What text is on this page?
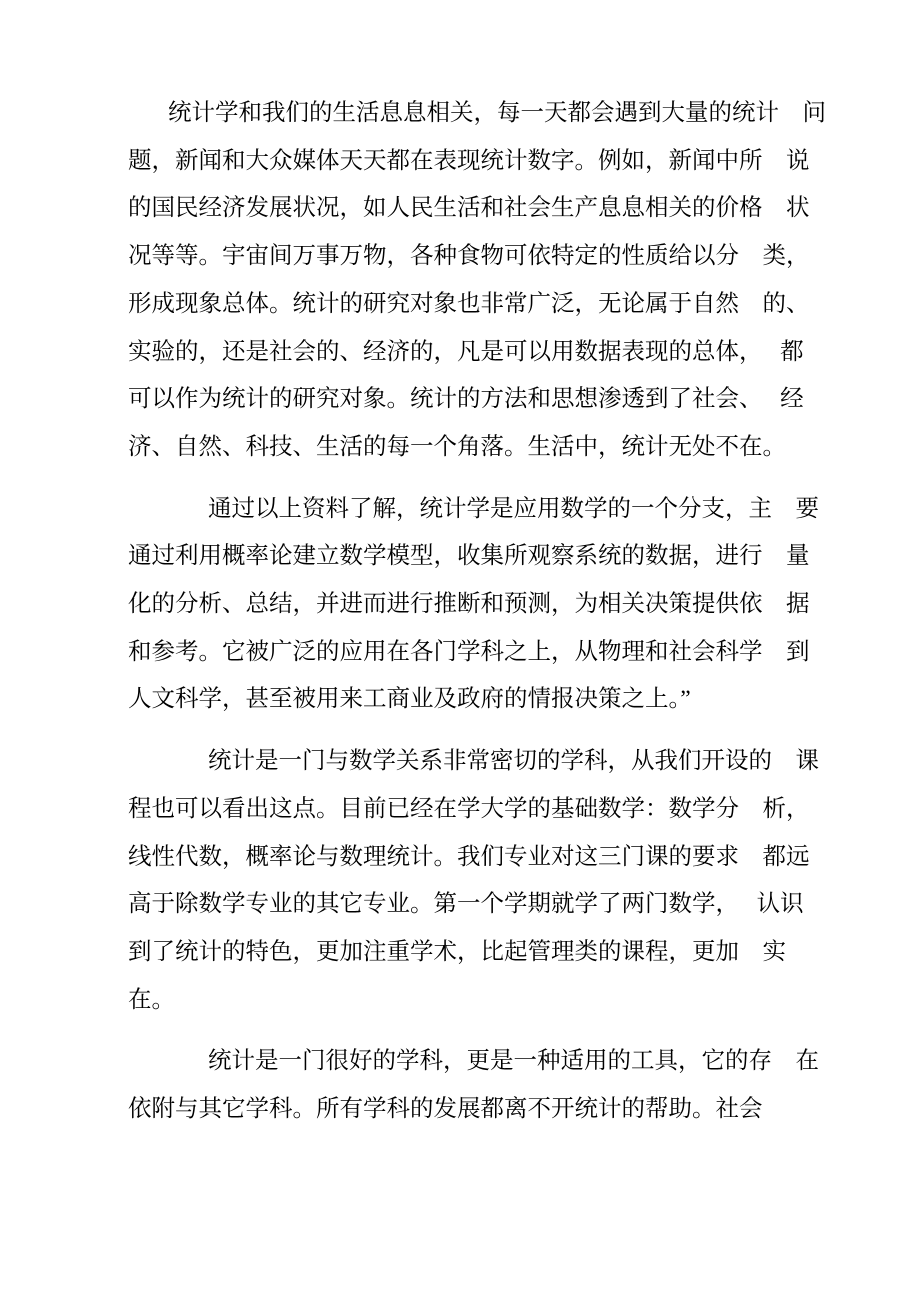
统计学和我们的生活息息相关，每一天都会遇到大量的统计　问
题，新闻和大众媒体天天都在表现统计数字。例如，新闻中所　说
的国民经济发展状况，如人民生活和社会生产息息相关的价格　状
况等等。宇宙间万事万物，各种食物可依特定的性质给以分　类，
形成现象总体。统计的研究对象也非常广泛，无论属于自然　的、
实验的，还是社会的、经济的，凡是可以用数据表现的总体，　 都
可以作为统计的研究对象。统计的方法和思想渗透到了社会、　 经
济、自然、科技、生活的每一个角落。生活中，统计无处不在。
通过以上资料了解，统计学是应用数学的一个分支，主　要
通过利用概率论建立数学模型，收集所观察系统的数据，进行　量
化的分析、总结，并进而进行推断和预测，为相关决策提供依　据
和参考。它被广泛的应用在各门学科之上，从物理和社会科学　到
人文科学，甚至被用来工商业及政府的情报决策之上。”
统计是一门与数学关系非常密切的学科，从我们开设的　课
程也可以看出这点。目前已经在学大学的基础数学：数学分　析，
线性代数，概率论与数理统计。我们专业对这三门课的要求　都远
高于除数学专业的其它专业。第一个学期就学了两门数学，　 认识
到了统计的特色，更加注重学术，比起管理类的课程，更加　实
在。
统计是一门很好的学科，更是一种适用的工具，它的存　在
依附与其它学科。所有学科的发展都离不开统计的帮助。社会
